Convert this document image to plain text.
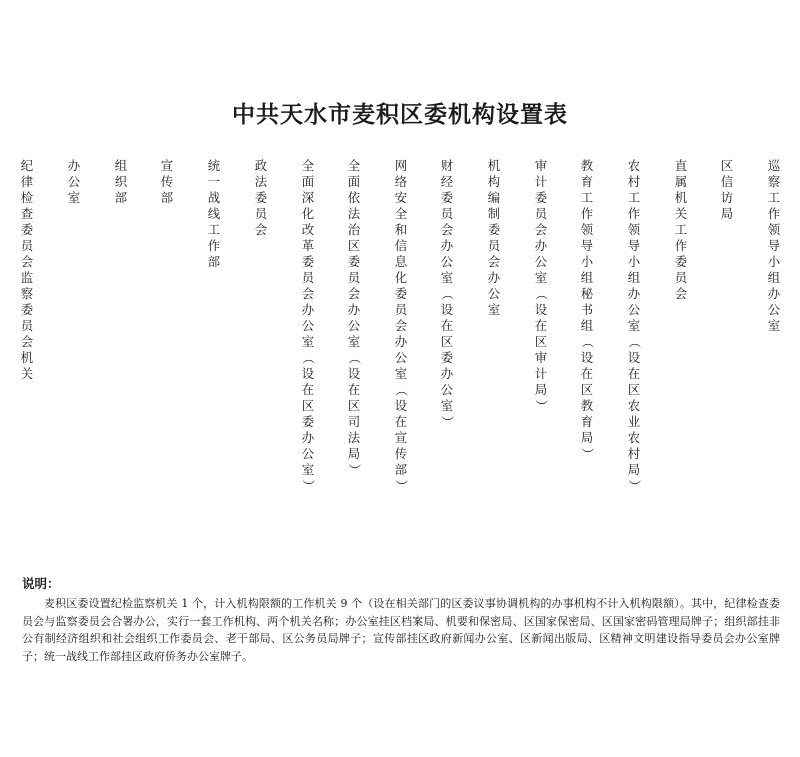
中共天水市麦积区委机构设置表
巡
察
工
作
领
导
小
组
办
公
室
区
信
访
局
直
属
机
关
工
作
委
员
会
农
村
工
作
领
导
小
组
办
公
室
（
设
在
区
农
业
农
村
局
）
教
育
工
作
领
导
小
组
秘
书
组
（
设
在
区
教
育
局
）
审
计
委
员
会
办
公
室
（
设
在
区
审
计
局
）
机
构
编
制
委
员
会
办
公
室
财
经
委
员
会
办
公
室
（
设
在
区
委
办
公
室
）
网
络
安
全
和
信
息
化
委
员
会
办
公
室
（
设
在
宣
传
部
）
全
面
依
法
治
区
委
员
会
办
公
室
（
设
在
区
司
法
局
）
全
面
深
化
改
革
委
员
会
办
公
室
（
设
在
区
委
办
公
室
）
政
法
委
员
会
统
一
战
线
工
作
部
宣
传
部
组
织
部
办
公
室
纪
律
检
查
委
员
会
监
察
委
员
会
机
关

说明：

麦积区委设置纪检监察机关 1 个，计入机构限额的工作机关 9 个（设在相关部门的区委议事协调机构的办事机构不计入机构限额）。其中，纪律检查委员会与监察委员会合署办公，实行一套工作机构、两个机关名称；办公室挂区档案局、机要和保密局、区国家保密局、区国家密码管理局牌子；组织部挂非公有制经济组织和社会组织工作委员会、老干部局、区公务员局牌子；宣传部挂区政府新闻办公室、区新闻出版局、区精神文明建设指导委员会办公室牌子；统一战线工作部挂区政府侨务办公室牌子。
